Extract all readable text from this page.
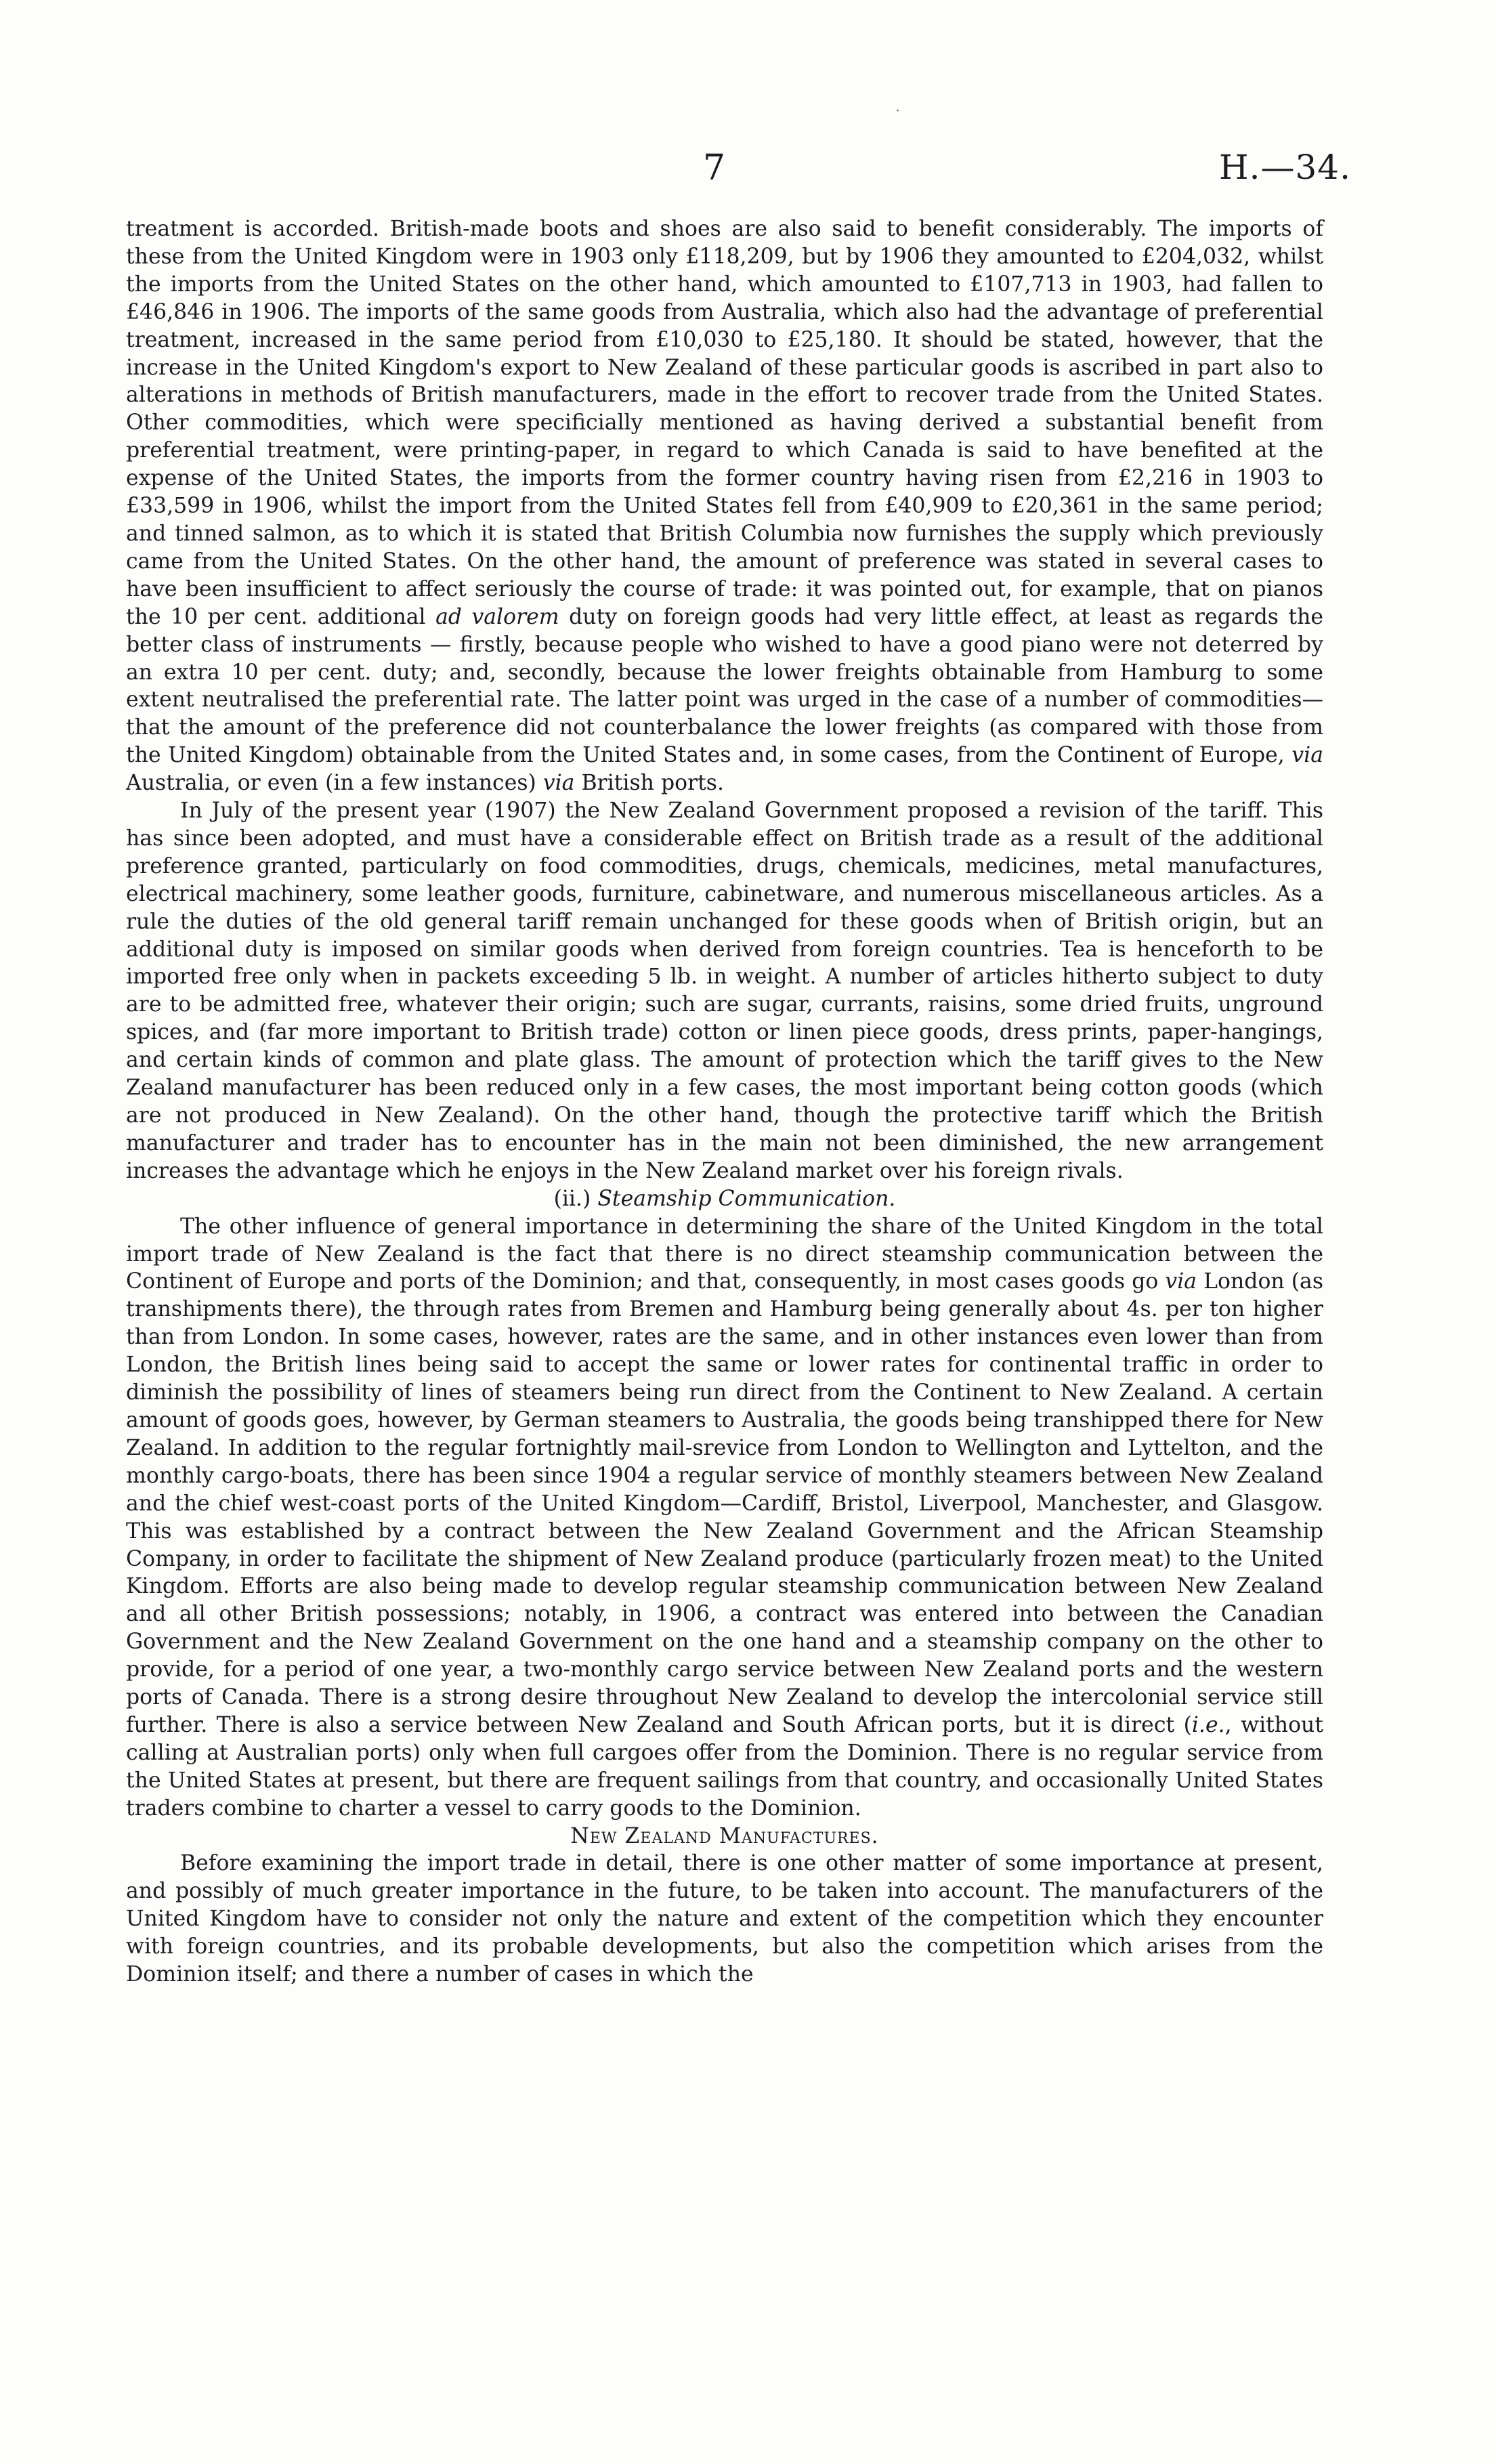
·
7	H.—34.

treatment is accorded. British-made boots and shoes are also said to benefit considerably. The imports of these from the United Kingdom were in 1903 only £118,209, but by 1906 they amounted to £204,032, whilst the imports from the United States on the other hand, which amounted to £107,713 in 1903, had fallen to £46,846 in 1906. The imports of the same goods from Australia, which also had the advantage of preferential treatment, increased in the same period from £10,030 to £25,180. It should be stated, however, that the increase in the United Kingdom's export to New Zealand of these particular goods is ascribed in part also to alterations in methods of British manufacturers, made in the effort to recover trade from the United States. Other commodities, which were specificially mentioned as having derived a substantial benefit from preferential treatment, were printing-paper, in regard to which Canada is said to have benefited at the expense of the United States, the imports from the former country having risen from £2,216 in 1903 to £33,599 in 1906, whilst the import from the United States fell from £40,909 to £20,361 in the same period; and tinned salmon, as to which it is stated that British Columbia now furnishes the supply which previously came from the United States. On the other hand, the amount of preference was stated in several cases to have been insufficient to affect seriously the course of trade: it was pointed out, for example, that on pianos the 10 per cent. additional ad valorem duty on foreign goods had very little effect, at least as regards the better class of instruments — firstly, because people who wished to have a good piano were not deterred by an extra 10 per cent. duty; and, secondly, because the lower freights obtainable from Hamburg to some extent neutralised the preferential rate. The latter point was urged in the case of a number of commodities—that the amount of the preference did not counterbalance the lower freights (as compared with those from the United Kingdom) obtainable from the United States and, in some cases, from the Continent of Europe, via Australia, or even (in a few instances) via British ports.

In July of the present year (1907) the New Zealand Government proposed a revision of the tariff. This has since been adopted, and must have a considerable effect on British trade as a result of the additional preference granted, particularly on food commodities, drugs, chemicals, medicines, metal manufactures, electrical machinery, some leather goods, furniture, cabinetware, and numerous miscellaneous articles. As a rule the duties of the old general tariff remain unchanged for these goods when of British origin, but an additional duty is imposed on similar goods when derived from foreign countries. Tea is henceforth to be imported free only when in packets exceeding 5 lb. in weight. A number of articles hitherto subject to duty are to be admitted free, whatever their origin; such are sugar, currants, raisins, some dried fruits, unground spices, and (far more important to British trade) cotton or linen piece goods, dress prints, paper-hangings, and certain kinds of common and plate glass. The amount of protection which the tariff gives to the New Zealand manufacturer has been reduced only in a few cases, the most important being cotton goods (which are not produced in New Zealand). On the other hand, though the protective tariff which the British manufacturer and trader has to encounter has in the main not been diminished, the new arrangement increases the advantage which he enjoys in the New Zealand market over his foreign rivals.

(ii.) Steamship Communication.

The other influence of general importance in determining the share of the United Kingdom in the total import trade of New Zealand is the fact that there is no direct steamship communication between the Continent of Europe and ports of the Dominion; and that, consequently, in most cases goods go via London (as transhipments there), the through rates from Bremen and Hamburg being generally about 4s. per ton higher than from London. In some cases, however, rates are the same, and in other instances even lower than from London, the British lines being said to accept the same or lower rates for continental traffic in order to diminish the possibility of lines of steamers being run direct from the Continent to New Zealand. A certain amount of goods goes, however, by German steamers to Australia, the goods being transhipped there for New Zealand. In addition to the regular fortnightly mail-srevice from London to Wellington and Lyttelton, and the monthly cargo-boats, there has been since 1904 a regular service of monthly steamers between New Zealand and the chief west-coast ports of the United Kingdom—Cardiff, Bristol, Liverpool, Manchester, and Glasgow. This was established by a contract between the New Zealand Government and the African Steamship Company, in order to facilitate the shipment of New Zealand produce (particularly frozen meat) to the United Kingdom. Efforts are also being made to develop regular steamship communication between New Zealand and all other British possessions; notably, in 1906, a contract was entered into between the Canadian Government and the New Zealand Government on the one hand and a steamship company on the other to provide, for a period of one year, a two-monthly cargo service between New Zealand ports and the western ports of Canada. There is a strong desire throughout New Zealand to develop the intercolonial service still further. There is also a service between New Zealand and South African ports, but it is direct (i.e., without calling at Australian ports) only when full cargoes offer from the Dominion. There is no regular service from the United States at present, but there are frequent sailings from that country, and occasionally United States traders combine to charter a vessel to carry goods to the Dominion.

New Zealand Manufactures.

Before examining the import trade in detail, there is one other matter of some importance at present, and possibly of much greater importance in the future, to be taken into account. The manufacturers of the United Kingdom have to consider not only the nature and extent of the competition which they encounter with foreign countries, and its probable developments, but also the competition which arises from the Dominion itself; and there a number of cases in which the
